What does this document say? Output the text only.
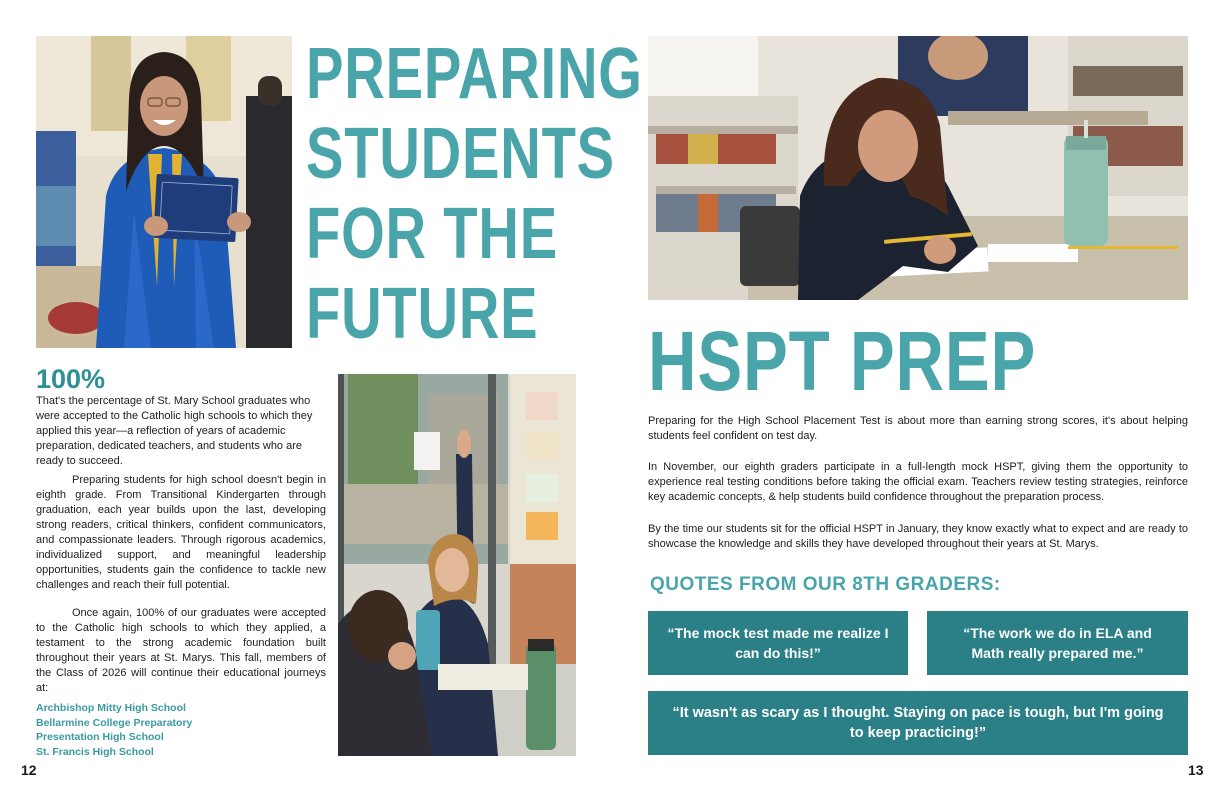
PREPARING
STUDENTS
FOR THE
FUTURE
100%

That's the percentage of St. Mary School graduates who were accepted to the Catholic high schools to which they applied this year—a reflection of years of academic preparation, dedicated teachers, and students who are ready to succeed.

Preparing students for high school doesn't begin in eighth grade. From Transitional Kindergarten through graduation, each year builds upon the last, developing strong readers, critical thinkers, confident communicators, and compassionate leaders. Through rigorous academics, individualized support, and meaningful leadership opportunities, students gain the confidence to tackle new challenges and reach their full potential.

Once again, 100% of our graduates were accepted to the Catholic high schools to which they applied, a testament to the strong academic foundation built throughout their years at St. Marys. This fall, members of the Class of 2026 will continue their educational journeys at:

Archbishop Mitty High School
Bellarmine College Preparatory
Presentation High School
St. Francis High School
12
HSPT PREP

Preparing for the High School Placement Test is about more than earning strong scores, it's about helping students feel confident on test day.

In November, our eighth graders participate in a full-length mock HSPT, giving them the opportunity to experience real testing conditions before taking the official exam. Teachers review testing strategies, reinforce key academic concepts, & help students build confidence throughout the preparation process.

By the time our students sit for the official HSPT in January, they know exactly what to expect and are ready to showcase the knowledge and skills they have developed throughout their years at St. Marys.

QUOTES FROM OUR 8TH GRADERS:
“The mock test made me realize I can do this!”
“The work we do in ELA and Math really prepared me.”
“It wasn't as scary as I thought. Staying on pace is tough, but I'm going to keep practicing!”
13
